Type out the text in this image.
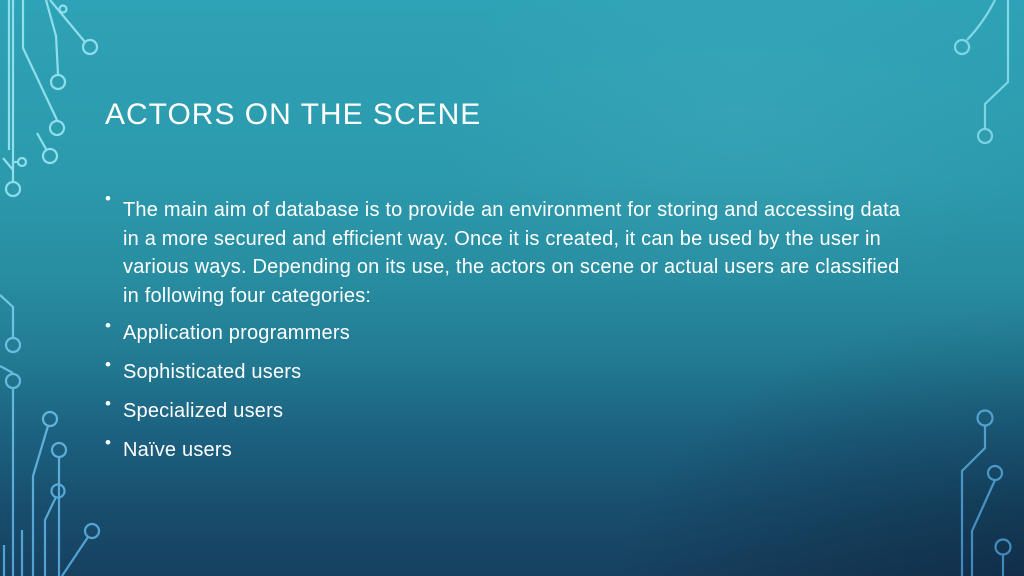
ACTORS ON THE SCENE
•
The main aim of database is to provide an environment for storing and accessing data in a more secured and efficient way. Once it is created, it can be used by the user in various ways. Depending on its use, the actors on scene or actual users are classified in following four categories:
• Application programmers
• Sophisticated users
• Specialized users
• Naïve users
